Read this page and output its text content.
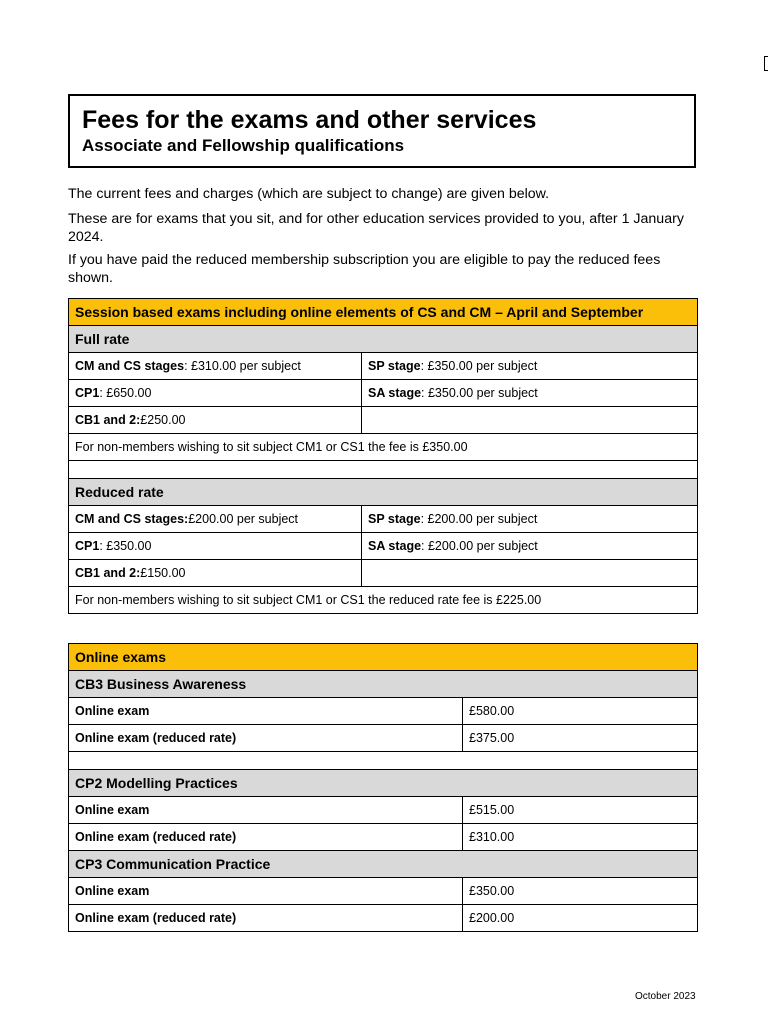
Fees for the exams and other services
Associate and Fellowship qualifications

The current fees and charges (which are subject to change) are given below.

These are for exams that you sit, and for other education services provided to you, after 1 January 2024.

If you have paid the reduced membership subscription you are eligible to pay the reduced fees shown.

Session based exams including online elements of CS and CM – April and September
Full rate
CM and CS stages : £310.00 per subject	SP stage : £350.00 per subject
CP1 : £650.00	SA stage : £350.00 per subject
CB1 and 2: £250.00
For non-members wishing to sit subject CM1 or CS1 the fee is £350.00
Reduced rate
CM and CS stages: £200.00 per subject	SP stage : £200.00 per subject
CP1 : £350.00	SA stage : £200.00 per subject
CB1 and 2: £150.00
For non-members wishing to sit subject CM1 or CS1 the reduced rate fee is £225.00
Online exams
CB3 Business Awareness
Online exam	£580.00
Online exam (reduced rate)	£375.00
CP2 Modelling Practices
Online exam	£515.00
Online exam (reduced rate)	£310.00
CP3 Communication Practice
Online exam	£350.00
Online exam (reduced rate)	£200.00
October 2023
